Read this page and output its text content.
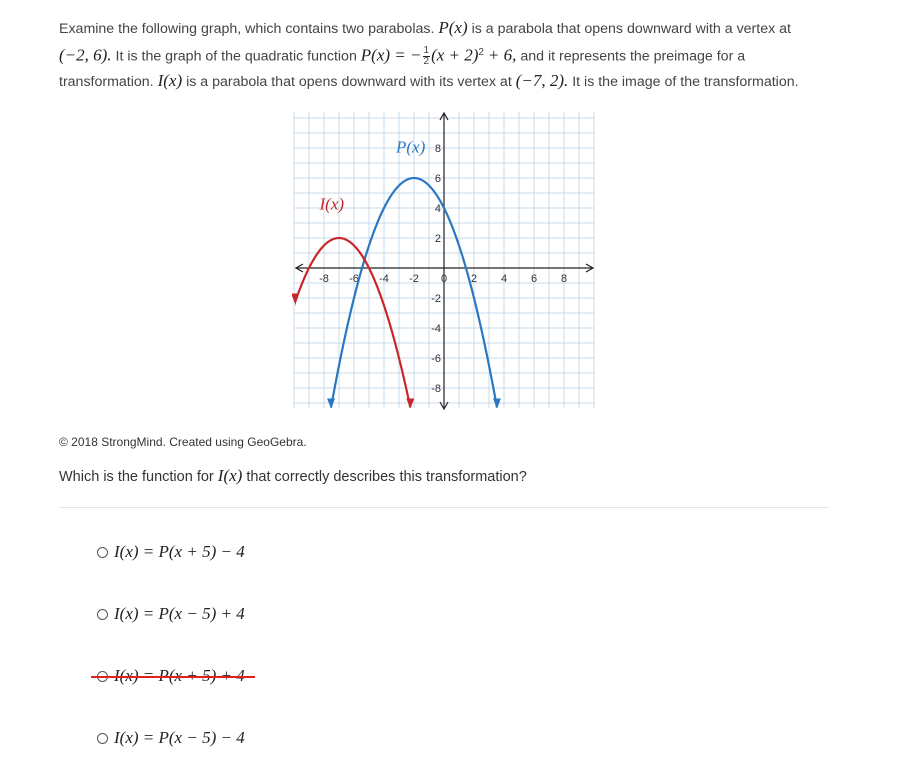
Examine the following graph, which contains two parabolas. P(x) is a parabola that opens downward with a vertex at (−2, 6). It is the graph of the quadratic function P(x) = − $\frac{1}{2} (x + 2)^2 + 6$, and it represents the preimage for a transformation. I(x) is a parabola that opens downward with its vertex at (−7, 2). It is the image of the transformation.

-8 -6 -4 -2 0 2 4 6 8
8
6
4
2
-2
-4
-6
-8
P(x)
I(x)
© 2018 StrongMind. Created using GeoGebra.
Which is the function for I(x) that correctly describes this transformation?
I(x) = P(x + 5) − 4
I(x) = P(x − 5) + 4
I(x) = P(x − 5) − 4
